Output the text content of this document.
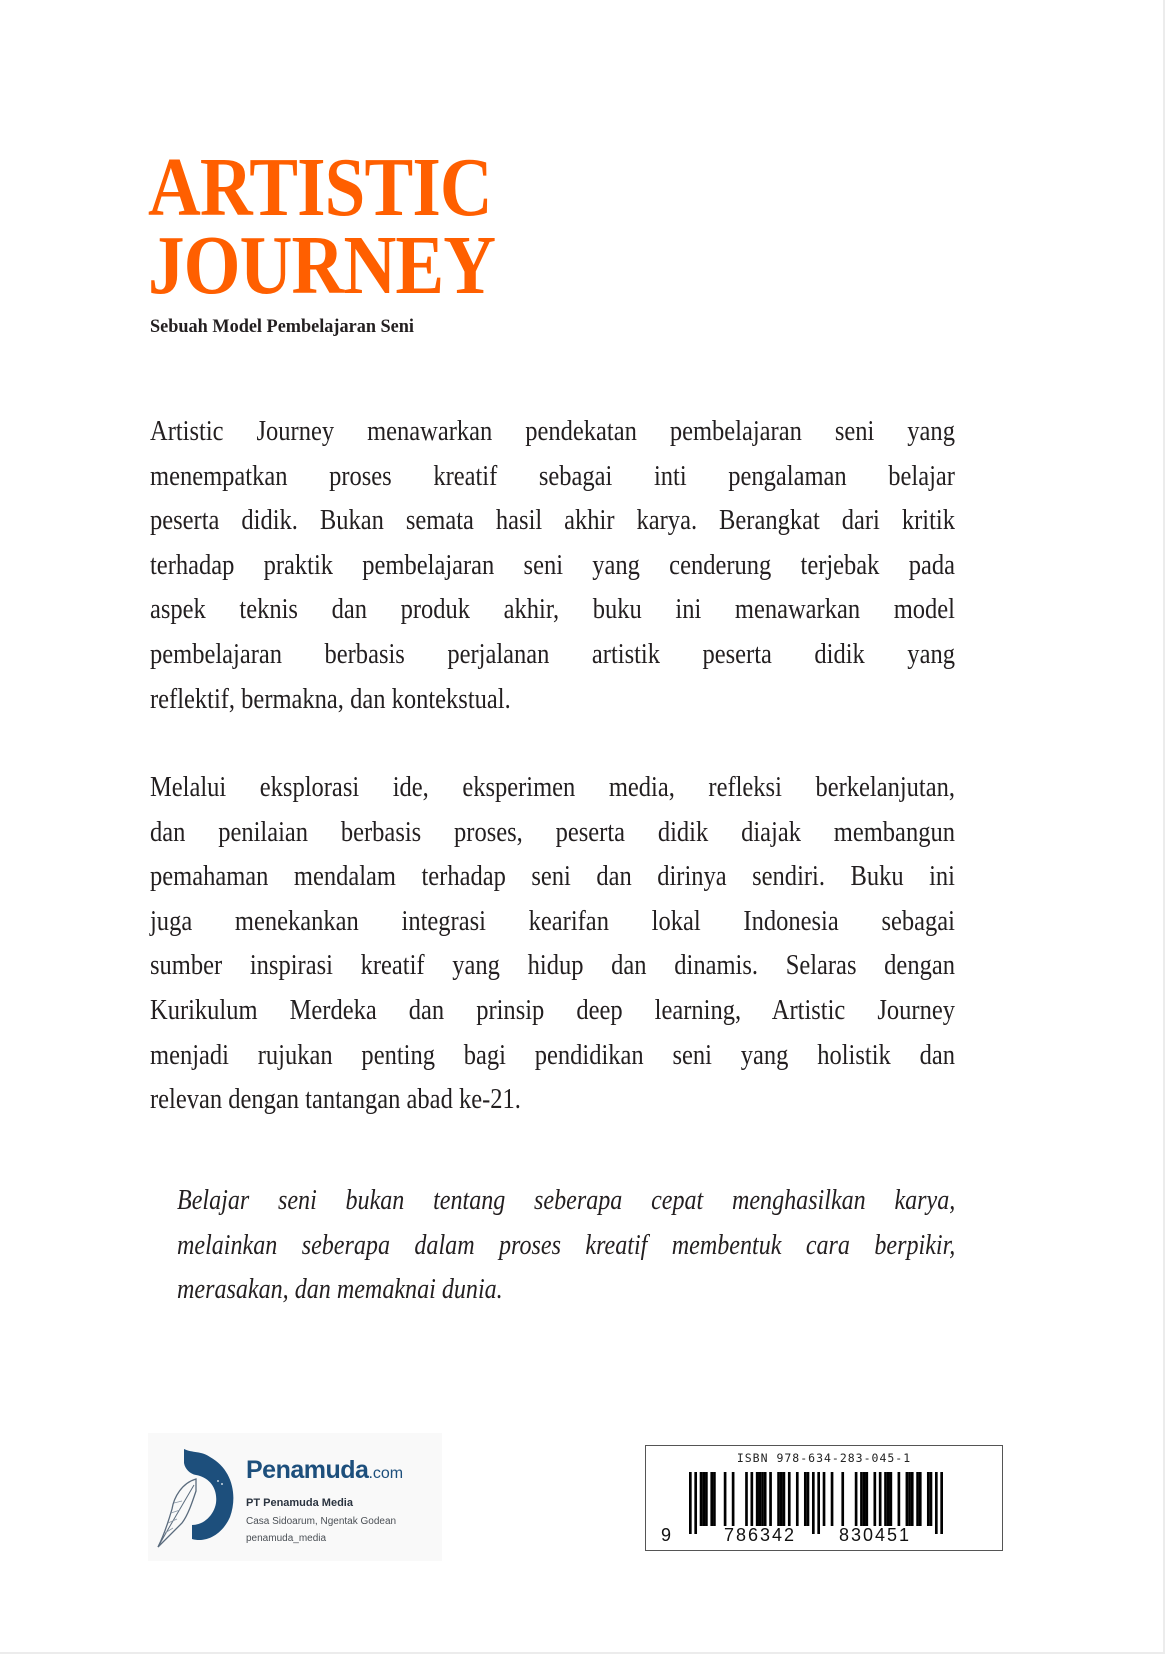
ARTISTIC
JOURNEY
Sebuah Model Pembelajaran Seni
Artistic Journey menawarkan pendekatan pembelajaran seni yang
menempatkan proses kreatif sebagai inti pengalaman belajar
peserta didik. Bukan semata hasil akhir karya. Berangkat dari kritik
terhadap praktik pembelajaran seni yang cenderung terjebak pada
aspek teknis dan produk akhir, buku ini menawarkan model
pembelajaran berbasis perjalanan artistik peserta didik yang
reflektif, bermakna, dan kontekstual.
Melalui eksplorasi ide, eksperimen media, refleksi berkelanjutan,
dan penilaian berbasis proses, peserta didik diajak membangun
pemahaman mendalam terhadap seni dan dirinya sendiri. Buku ini
juga menekankan integrasi kearifan lokal Indonesia sebagai
sumber inspirasi kreatif yang hidup dan dinamis. Selaras dengan
Kurikulum Merdeka dan prinsip deep learning, Artistic Journey
menjadi rujukan penting bagi pendidikan seni yang holistik dan
relevan dengan tantangan abad ke-21.
Belajar seni bukan tentang seberapa cepat menghasilkan karya,
melainkan seberapa dalam proses kreatif membentuk cara berpikir,
merasakan, dan memaknai dunia.
Penamuda.com
PT Penamuda Media
Casa Sidoarum, Ngentak Godean
penamuda_media
ISBN 978-634-283-045-1
9	786342 830451
